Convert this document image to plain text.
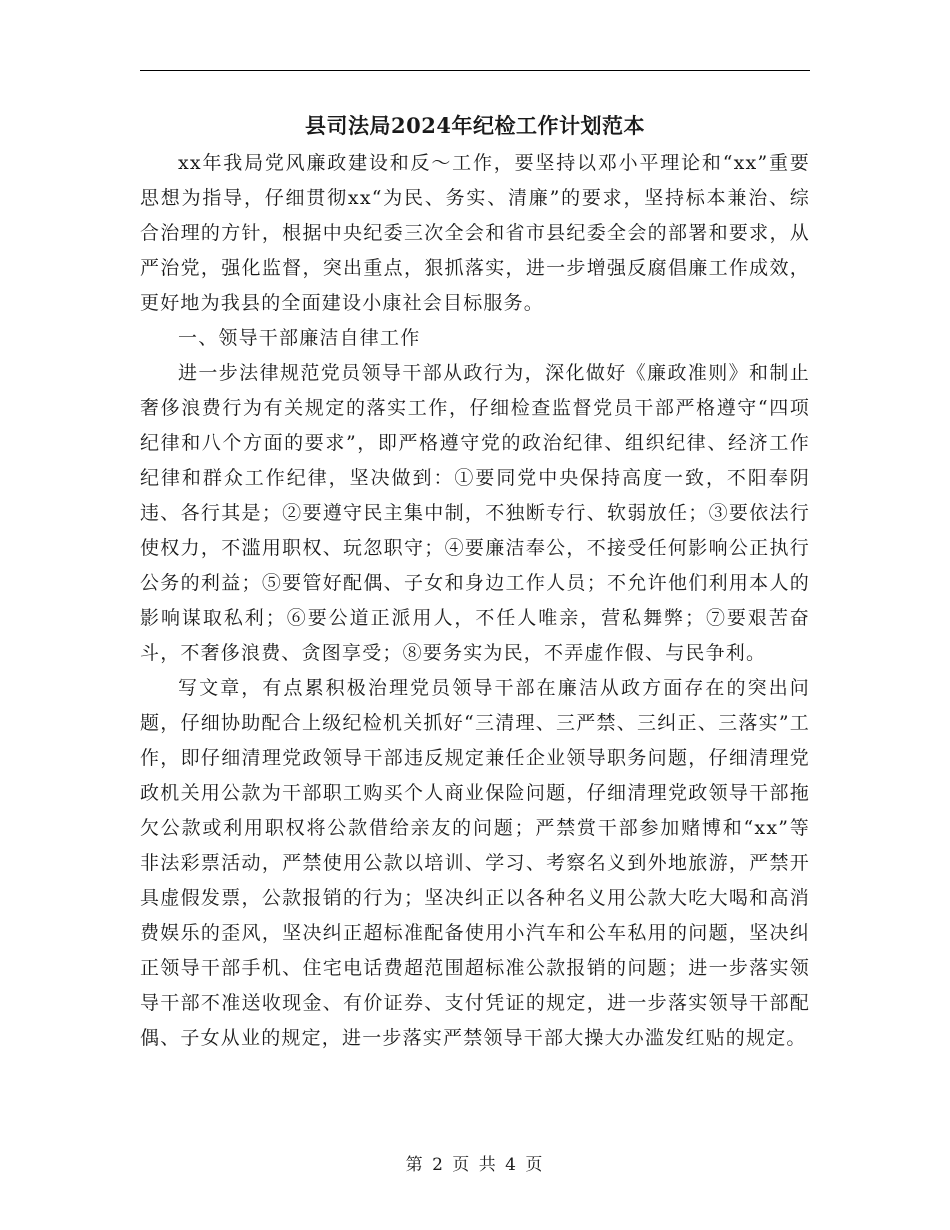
县司法局2024年纪检工作计划范本

xx年我局党风廉政建设和反～工作，要坚持以邓小平理论和“xx”重要思想为指导，仔细贯彻xx“为民、务实、清廉”的要求，坚持标本兼治、综合治理的方针，根据中央纪委三次全会和省市县纪委全会的部署和要求，从严治党，强化监督，突出重点，狠抓落实，进一步增强反腐倡廉工作成效，更好地为我县的全面建设小康社会目标服务。

一、领导干部廉洁自律工作

进一步法律规范党员领导干部从政行为，深化做好《廉政准则》和制止奢侈浪费行为有关规定的落实工作，仔细检查监督党员干部严格遵守“四项纪律和八个方面的要求”，即严格遵守党的政治纪律、组织纪律、经济工作纪律和群众工作纪律，坚决做到：①要同党中央保持高度一致，不阳奉阴违、各行其是；②要遵守民主集中制，不独断专行、软弱放任；③要依法行使权力，不滥用职权、玩忽职守；④要廉洁奉公，不接受任何影响公正执行公务的利益；⑤要管好配偶、子女和身边工作人员；不允许他们利用本人的影响谋取私利；⑥要公道正派用人，不任人唯亲，营私舞弊；⑦要艰苦奋斗，不奢侈浪费、贪图享受；⑧要务实为民，不弄虚作假、与民争利。

写文章，有点累积极治理党员领导干部在廉洁从政方面存在的突出问题，仔细协助配合上级纪检机关抓好“三清理、三严禁、三纠正、三落实”工作，即仔细清理党政领导干部违反规定兼任企业领导职务问题，仔细清理党政机关用公款为干部职工购买个人商业保险问题，仔细清理党政领导干部拖欠公款或利用职权将公款借给亲友的问题；严禁赏干部参加赌博和“xx”等非法彩票活动，严禁使用公款以培训、学习、考察名义到外地旅游，严禁开具虚假发票，公款报销的行为；坚决纠正以各种名义用公款大吃大喝和高消费娱乐的歪风，坚决纠正超标准配备使用小汽车和公车私用的问题，坚决纠正领导干部手机、住宅电话费超范围超标准公款报销的问题；进一步落实领导干部不准送收现金、有价证券、支付凭证的规定，进一步落实领导干部配偶、子女从业的规定，进一步落实严禁领导干部大操大办滥发红贴的规定。

第 2 页 共 4 页
